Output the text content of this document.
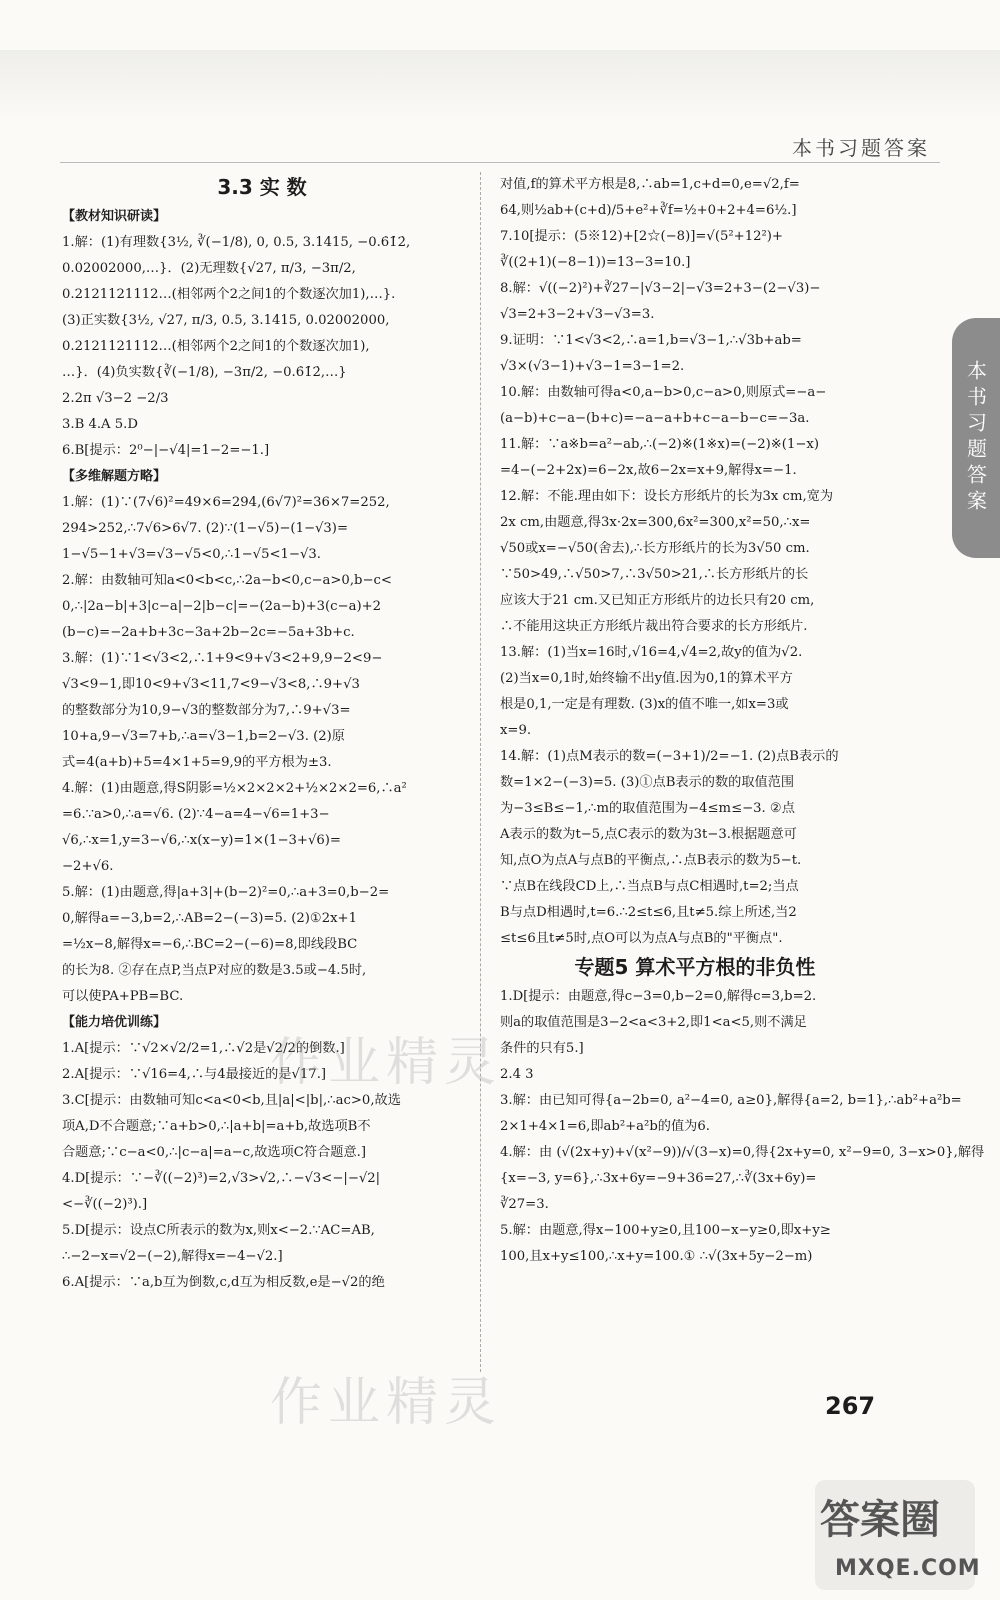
本书习题答案
本书习题答案
3.3 实 数
【教材知识研读】
1.解：(1)有理数{3½, ∛(−1/8), 0, 0.5, 3.1415, −0.6̇1̇2̇,
0.02002000,…}．(2)无理数{√27, π/3, −3π/2,
0.2121121112…(相邻两个2之间1的个数逐次加1),…}.
(3)正实数{3½, √27, π/3, 0.5, 3.1415, 0.02002000,
0.2121121112…(相邻两个2之间1的个数逐次加1),
…}．(4)负实数{∛(−1/8), −3π/2, −0.6̇1̇2̇,…}
2.2π √3−2 −2/3
3.B 4.A 5.D
6.B[提示：2⁰−|−√4|=1−2=−1.]
【多维解题方略】
1.解：(1)∵(7√6)²=49×6=294,(6√7)²=36×7=252,
294>252,∴7√6>6√7. (2)∵(1−√5)−(1−√3)=
1−√5−1+√3=√3−√5<0,∴1−√5<1−√3.
2.解：由数轴可知a<0<b<c,∴2a−b<0,c−a>0,b−c<
0,∴|2a−b|+3|c−a|−2|b−c|=−(2a−b)+3(c−a)+2
(b−c)=−2a+b+3c−3a+2b−2c=−5a+3b+c.
3.解：(1)∵1<√3<2,∴1+9<9+√3<2+9,9−2<9−
√3<9−1,即10<9+√3<11,7<9−√3<8,∴9+√3
的整数部分为10,9−√3的整数部分为7,∴9+√3=
10+a,9−√3=7+b,∴a=√3−1,b=2−√3. (2)原
式=4(a+b)+5=4×1+5=9,9的平方根为±3.
4.解：(1)由题意,得S阴影=½×2×2×2+½×2×2=6,∴a²
=6.∵a>0,∴a=√6. (2)∵4−a=4−√6=1+3−
√6,∴x=1,y=3−√6,∴x(x−y)=1×(1−3+√6)=
−2+√6.
5.解：(1)由题意,得|a+3|+(b−2)²=0,∴a+3=0,b−2=
0,解得a=−3,b=2,∴AB=2−(−3)=5. (2)①2x+1
=½x−8,解得x=−6,∴BC=2−(−6)=8,即线段BC
的长为8. ②存在点P,当点P对应的数是3.5或−4.5时,
可以使PA+PB=BC.
【能力培优训练】
1.A[提示：∵√2×√2/2=1,∴√2是√2/2的倒数.]
2.A[提示：∵√16=4,∴与4最接近的是√17.]
3.C[提示：由数轴可知c<a<0<b,且|a|<|b|,∴ac>0,故选
项A,D不合题意;∵a+b>0,∴|a+b|=a+b,故选项B不
合题意;∵c−a<0,∴|c−a|=a−c,故选项C符合题意.]
4.D[提示：∵−∛((−2)³)=2,√3>√2,∴−√3<−|−√2|
<−∛((−2)³).]
5.D[提示：设点C所表示的数为x,则x<−2.∵AC=AB,
∴−2−x=√2−(−2),解得x=−4−√2.]
6.A[提示：∵a,b互为倒数,c,d互为相反数,e是−√2的绝
对值,f的算术平方根是8,∴ab=1,c+d=0,e=√2,f=
64,则½ab+(c+d)/5+e²+∛f=½+0+2+4=6½.]
7.10[提示：(5※12)+[2☆(−8)]=√(5²+12²)+
∛((2+1)(−8−1))=13−3=10.]
8.解：√((−2)²)+∛27−|√3−2|−√3=2+3−(2−√3)−
√3=2+3−2+√3−√3=3.
9.证明：∵1<√3<2,∴a=1,b=√3−1,∴√3b+ab=
√3×(√3−1)+√3−1=3−1=2.
10.解：由数轴可得a<0,a−b>0,c−a>0,则原式=−a−
(a−b)+c−a−(b+c)=−a−a+b+c−a−b−c=−3a.
11.解：∵a※b=a²−ab,∴(−2)※(1※x)=(−2)※(1−x)
=4−(−2+2x)=6−2x,故6−2x=x+9,解得x=−1.
12.解：不能.理由如下：设长方形纸片的长为3x cm,宽为
2x cm,由题意,得3x·2x=300,6x²=300,x²=50,∴x=
√50或x=−√50(舍去),∴长方形纸片的长为3√50 cm.
∵50>49,∴√50>7,∴3√50>21,∴长方形纸片的长
应该大于21 cm.又已知正方形纸片的边长只有20 cm,
∴不能用这块正方形纸片裁出符合要求的长方形纸片.
13.解：(1)当x=16时,√16=4,√4=2,故y的值为√2.
(2)当x=0,1时,始终输不出y值.因为0,1的算术平方
根是0,1,一定是有理数. (3)x的值不唯一,如x=3或
x=9.
14.解：(1)点M表示的数=(−3+1)/2=−1. (2)点B表示的
数=1×2−(−3)=5. (3)①点B表示的数的取值范围
为−3≤B≤−1,∴m的取值范围为−4≤m≤−3. ②点
A表示的数为t−5,点C表示的数为3t−3.根据题意可
知,点O为点A与点B的平衡点,∴点B表示的数为5−t.
∵点B在线段CD上,∴当点B与点C相遇时,t=2;当点
B与点D相遇时,t=6.∴2≤t≤6,且t≠5.综上所述,当2
≤t≤6且t≠5时,点O可以为点A与点B的"平衡点".
专题5 算术平方根的非负性
1.D[提示：由题意,得c−3=0,b−2=0,解得c=3,b=2.
则a的取值范围是3−2<a<3+2,即1<a<5,则不满足
条件的只有5.]
2.4 3
3.解：由已知可得{a−2b=0, a²−4=0, a≥0},解得{a=2, b=1},∴ab²+a²b=
2×1+4×1=6,即ab²+a²b的值为6.
4.解：由 (√(2x+y)+√(x²−9))/√(3−x)=0,得{2x+y=0, x²−9=0, 3−x>0},解得
{x=−3, y=6},∴3x+6y=−9+36=27,∴∛(3x+6y)=
∛27=3.
5.解：由题意,得x−100+y≥0,且100−x−y≥0,即x+y≥
100,且x+y≤100,∴x+y=100.① ∴√(3x+5y−2−m)
267
作业精灵
作业精灵
答案圈
MXQE.COM
